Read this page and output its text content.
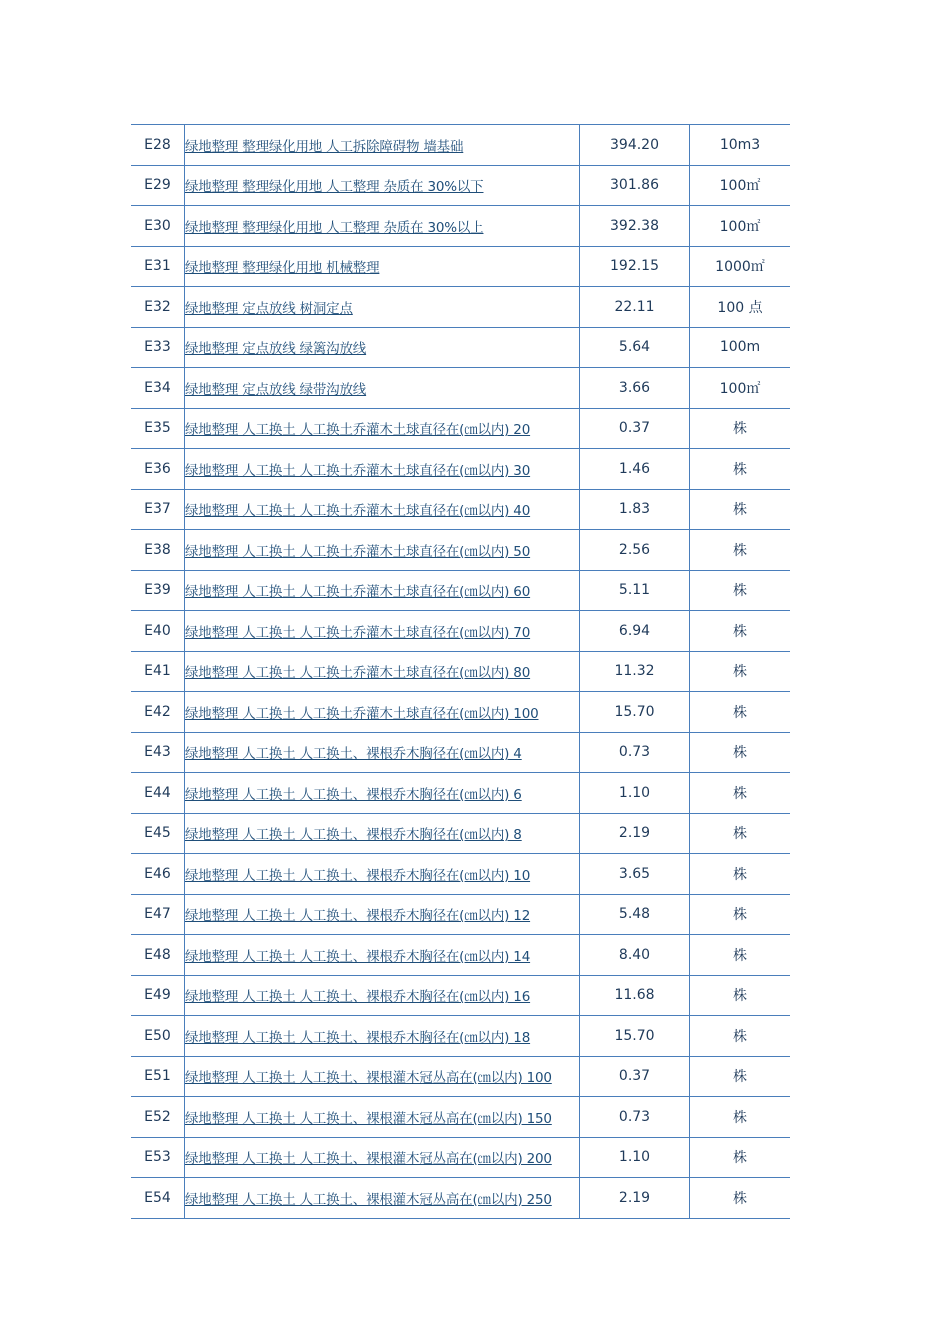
E28	绿地整理 整理绿化用地 人工拆除障碍物 墙基础	394.20	10m3
E29	绿地整理 整理绿化用地 人工整理 杂质在 30%以下	301.86	100㎡
E30	绿地整理 整理绿化用地 人工整理 杂质在 30%以上	392.38	100㎡
E31	绿地整理 整理绿化用地 机械整理	192.15	1000㎡
E32	绿地整理 定点放线 树洞定点	22.11	100 点
E33	绿地整理 定点放线 绿篱沟放线	5.64	100m
E34	绿地整理 定点放线 绿带沟放线	3.66	100㎡
E35	绿地整理 人工换土 人工换土乔灌木土球直径在(㎝以内) 20	0.37	株
E36	绿地整理 人工换土 人工换土乔灌木土球直径在(㎝以内) 30	1.46	株
E37	绿地整理 人工换土 人工换土乔灌木土球直径在(㎝以内) 40	1.83	株
E38	绿地整理 人工换土 人工换土乔灌木土球直径在(㎝以内) 50	2.56	株
E39	绿地整理 人工换土 人工换土乔灌木土球直径在(㎝以内) 60	5.11	株
E40	绿地整理 人工换土 人工换土乔灌木土球直径在(㎝以内) 70	6.94	株
E41	绿地整理 人工换土 人工换土乔灌木土球直径在(㎝以内) 80	11.32	株
E42	绿地整理 人工换土 人工换土乔灌木土球直径在(㎝以内) 100	15.70	株
E43	绿地整理 人工换土 人工换土、裸根乔木胸径在(㎝以内) 4	0.73	株
E44	绿地整理 人工换土 人工换土、裸根乔木胸径在(㎝以内) 6	1.10	株
E45	绿地整理 人工换土 人工换土、裸根乔木胸径在(㎝以内) 8	2.19	株
E46	绿地整理 人工换土 人工换土、裸根乔木胸径在(㎝以内) 10	3.65	株
E47	绿地整理 人工换土 人工换土、裸根乔木胸径在(㎝以内) 12	5.48	株
E48	绿地整理 人工换土 人工换土、裸根乔木胸径在(㎝以内) 14	8.40	株
E49	绿地整理 人工换土 人工换土、裸根乔木胸径在(㎝以内) 16	11.68	株
E50	绿地整理 人工换土 人工换土、裸根乔木胸径在(㎝以内) 18	15.70	株
E51	绿地整理 人工换土 人工换土、裸根灌木冠丛高在(㎝以内) 100	0.37	株
E52	绿地整理 人工换土 人工换土、裸根灌木冠丛高在(㎝以内) 150	0.73	株
E53	绿地整理 人工换土 人工换土、裸根灌木冠丛高在(㎝以内) 200	1.10	株
E54	绿地整理 人工换土 人工换土、裸根灌木冠丛高在(㎝以内) 250	2.19	株
